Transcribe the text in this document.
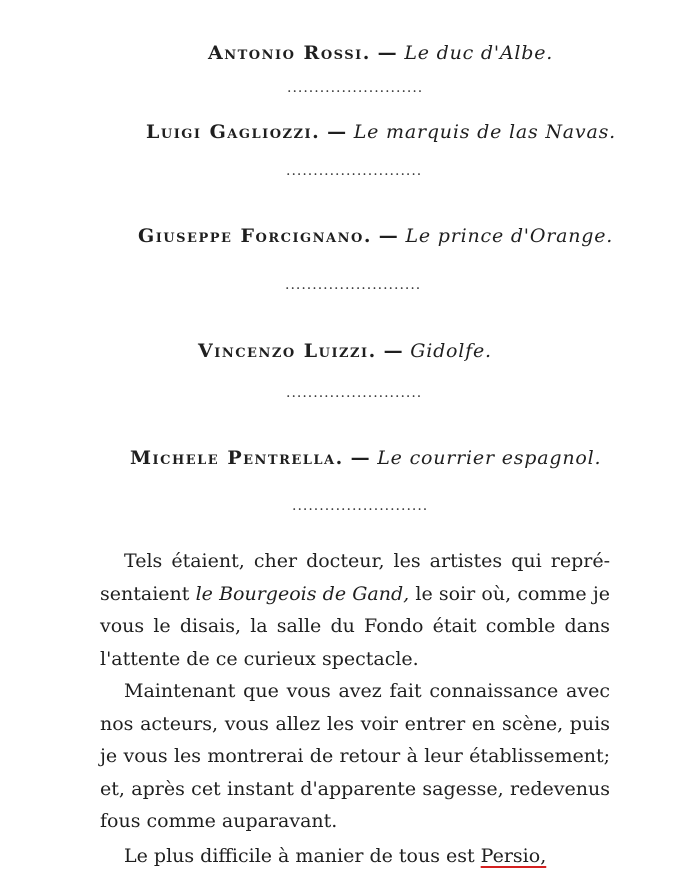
Antonio Rossi. — Le duc d'Albe.
.........................
Luigi Gagliozzi. — Le marquis de las Navas.
.........................
Giuseppe Forcignano. — Le prince d'Orange.
.........................
Vincenzo Luizzi. — Gidolfe.
.........................
Michele Pentrella. — Le courrier espagnol.
.........................
Tels étaient, cher docteur, les artistes qui repré-
sentaient le Bourgeois de Gand, le soir où, comme je
vous le disais, la salle du Fondo était comble dans
l'attente de ce curieux spectacle.
Maintenant que vous avez fait connaissance avec
nos acteurs, vous allez les voir entrer en scène, puis
je vous les montrerai de retour à leur établissement;
et, après cet instant d'apparente sagesse, redevenus
fous comme auparavant.
Le plus difficile à manier de tous est Persio,
